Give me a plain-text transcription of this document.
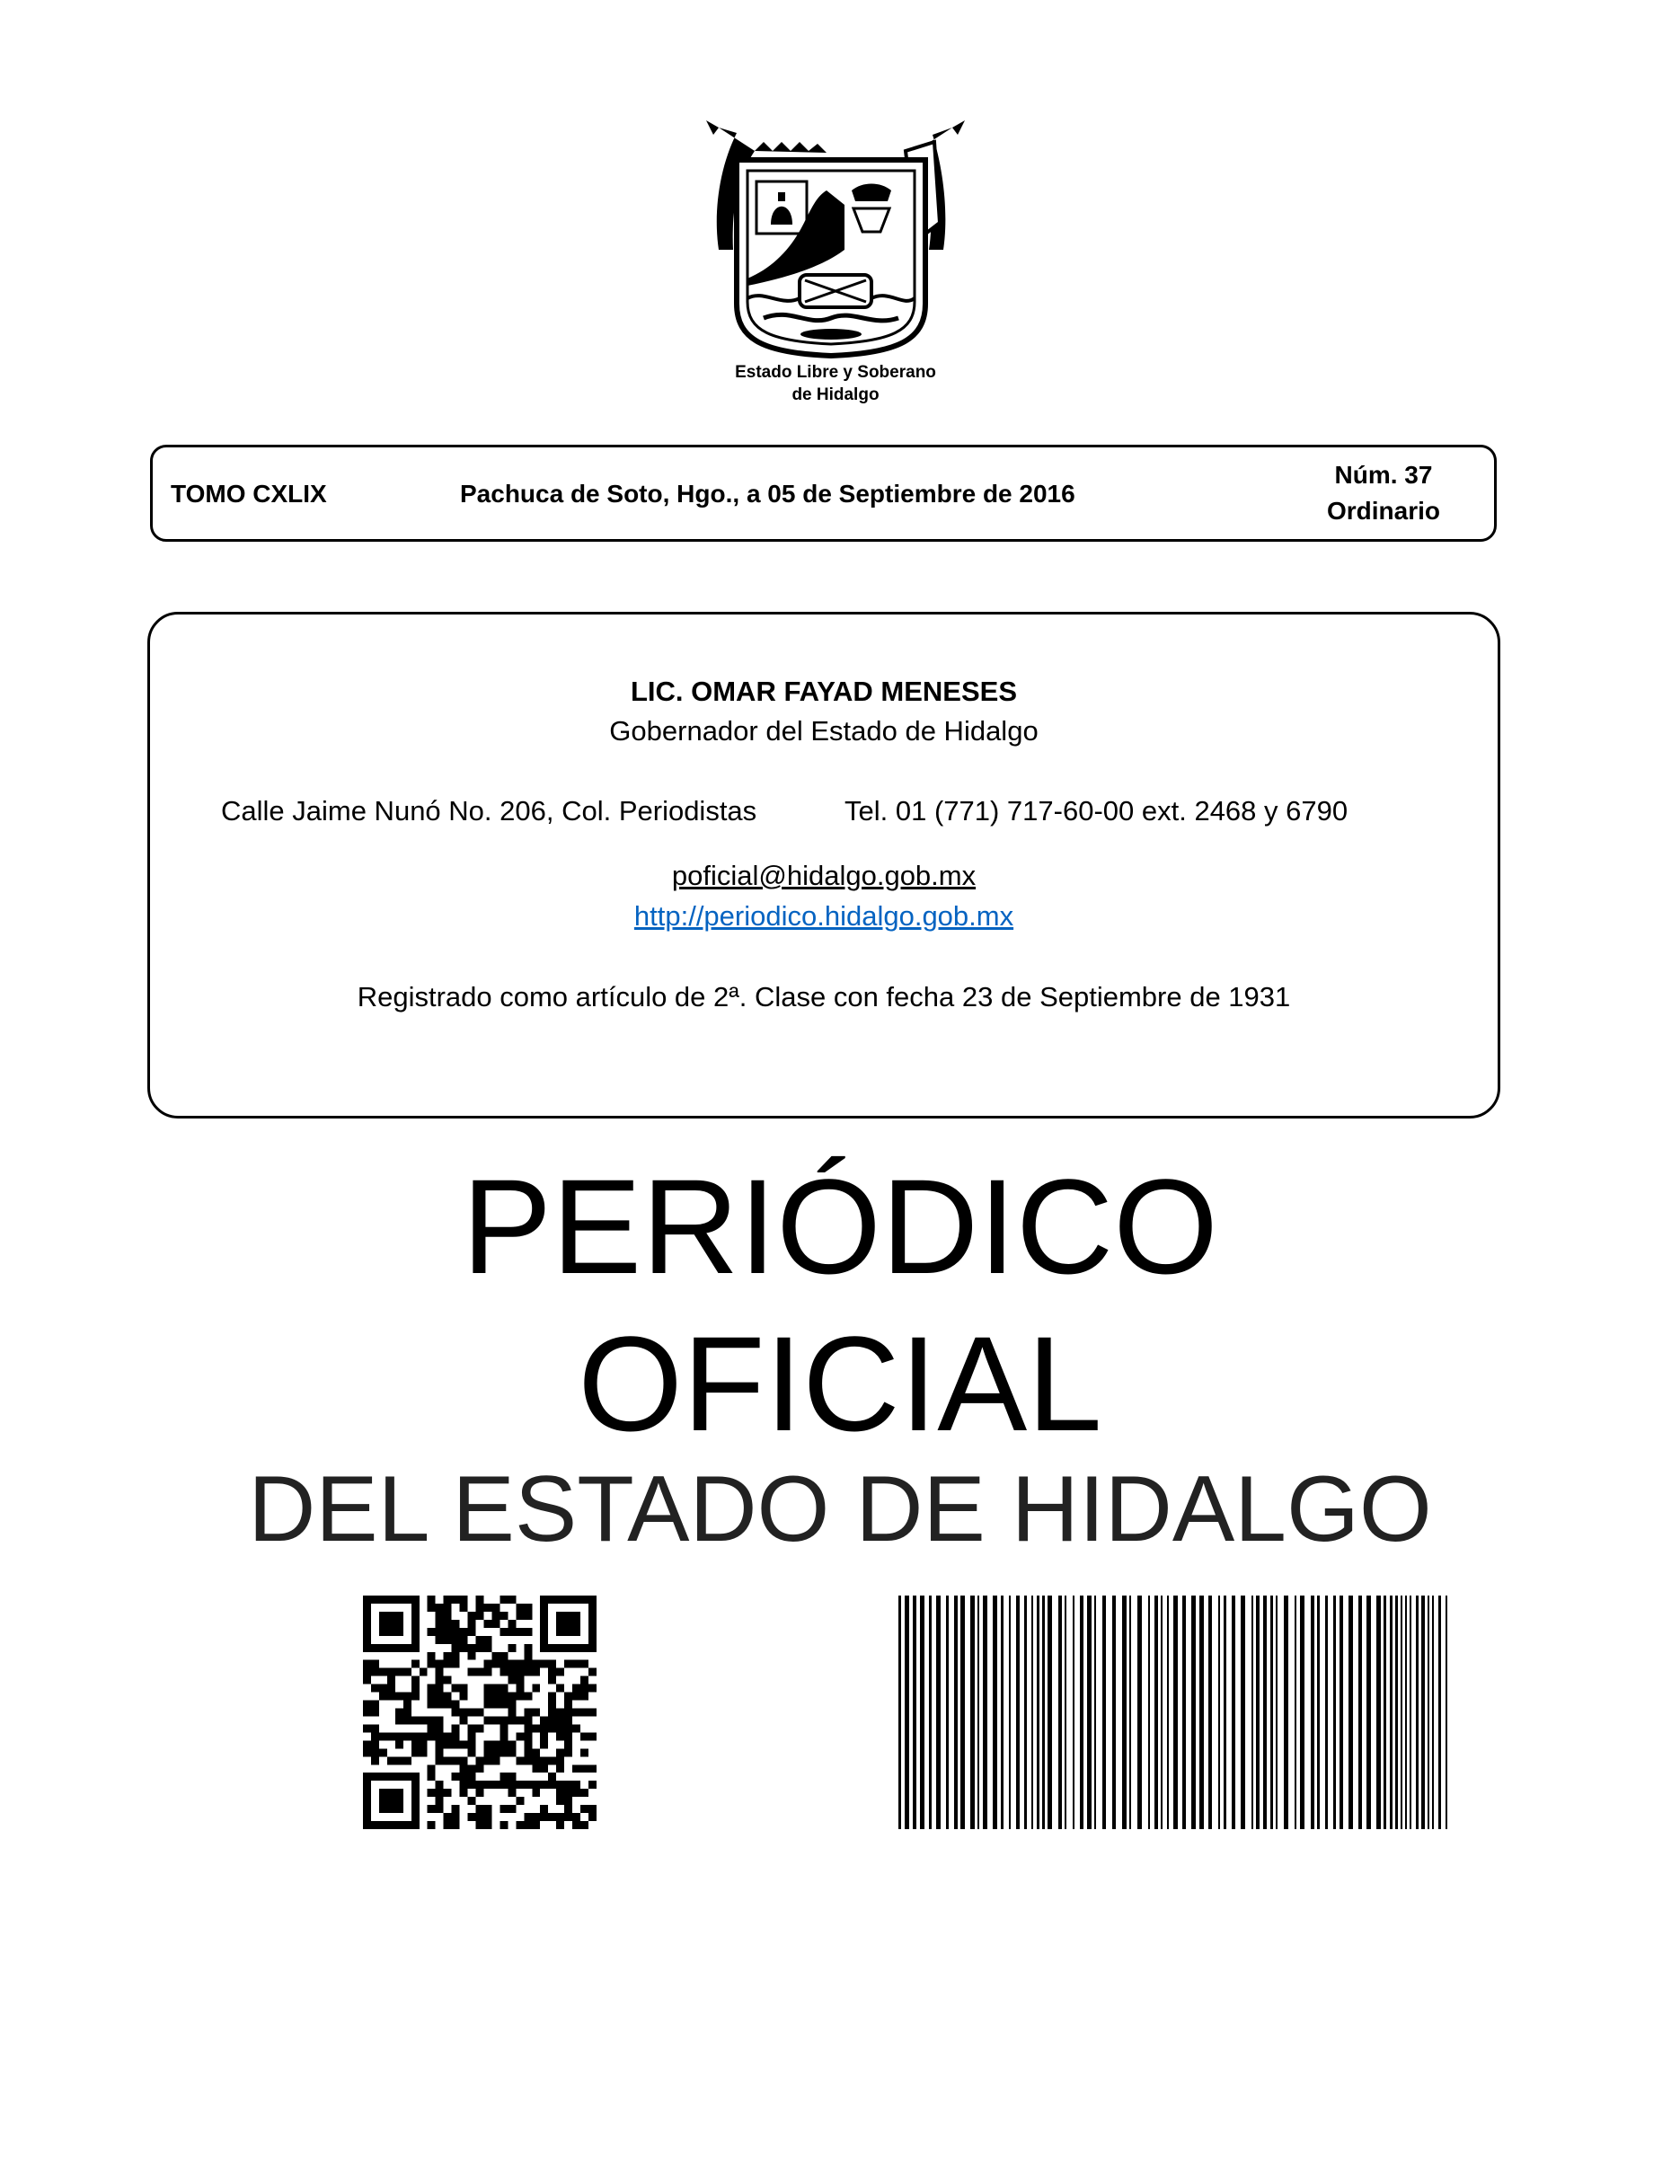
Estado Libre y Soberano
de Hidalgo
TOMO CXLIX	Pachuca de Soto, Hgo., a 05 de Septiembre de 2016
Núm. 37
Ordinario
LIC. OMAR FAYAD MENESES
Gobernador del Estado de Hidalgo
Calle Jaime Nunó No. 206, Col. Periodistas	Tel. 01 (771) 717-60-00 ext. 2468 y 6790
poficial@hidalgo.gob.mx
http://periodico.hidalgo.gob.mx
Registrado como artículo de 2ª. Clase con fecha 23 de Septiembre de 1931
PERIÓDICO
OFICIAL
DEL ESTADO DE HIDALGO
